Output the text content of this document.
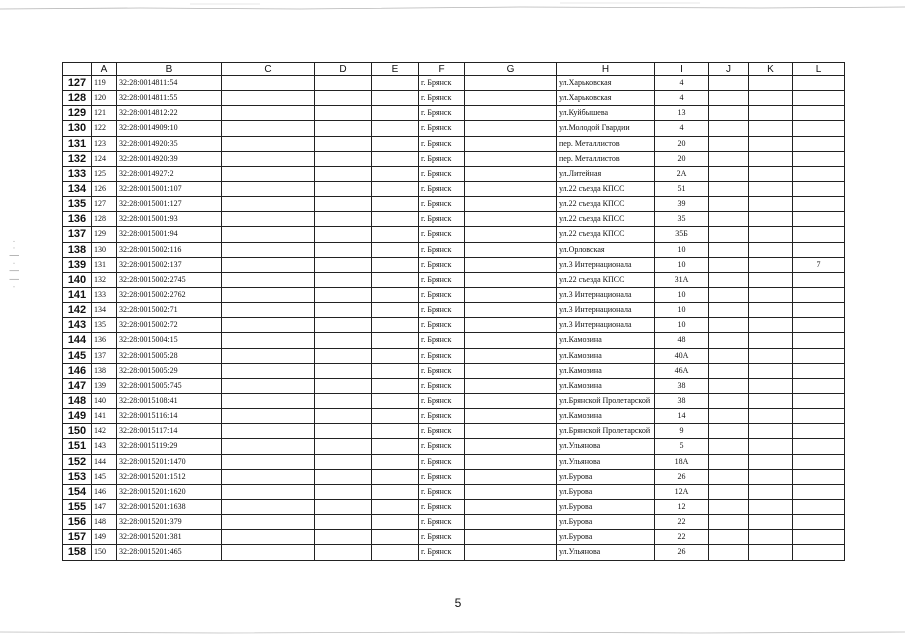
· · ׀ ׀ · ׀ ·
	A	B	C	D	E	F	G	H	I	J	K	L
127	119	32:28:0014811:54				г. Брянск		ул.Харьковская	4			
128	120	32:28:0014811:55				г. Брянск		ул.Харьковская	4			
129	121	32:28:0014812:22				г. Брянск		ул.Куйбышева	13			
130	122	32:28:0014909:10				г. Брянск		ул.Молодой Гвардии	4			
131	123	32:28:0014920:35				г. Брянск		пер. Металлистов	20			
132	124	32:28:0014920:39				г. Брянск		пер. Металлистов	20			
133	125	32:28:0014927:2				г. Брянск		ул.Литейная	2А			
134	126	32:28:0015001:107				г. Брянск		ул.22 съезда КПСС	51			
135	127	32:28:0015001:127				г. Брянск		ул.22 съезда КПСС	39			
136	128	32:28:0015001:93				г. Брянск		ул.22 съезда КПСС	35			
137	129	32:28:0015001:94				г. Брянск		ул.22 съезда КПСС	35Б			
138	130	32:28:0015002:116				г. Брянск		ул.Орловская	10			
139	131	32:28:0015002:137				г. Брянск		ул.3 Интернационала	10			7
140	132	32:28:0015002:2745				г. Брянск		ул.22 съезда КПСС	31А			
141	133	32:28:0015002:2762				г. Брянск		ул.3 Интернационала	10			
142	134	32:28:0015002:71				г. Брянск		ул.3 Интернационала	10			
143	135	32:28:0015002:72				г. Брянск		ул.3 Интернационала	10			
144	136	32:28:0015004:15				г. Брянск		ул.Камозина	48			
145	137	32:28:0015005:28				г. Брянск		ул.Камозина	40А			
146	138	32:28:0015005:29				г. Брянск		ул.Камозина	46А			
147	139	32:28:0015005:745				г. Брянск		ул.Камозина	38			
148	140	32:28:0015108:41				г. Брянск		ул.Брянской Пролетарской	38			
149	141	32:28:0015116:14				г. Брянск		ул.Камозина	14			
150	142	32:28:0015117:14				г. Брянск		ул.Брянской Пролетарской	9			
151	143	32:28:0015119:29				г. Брянск		ул.Ульянова	5			
152	144	32:28:0015201:1470				г. Брянск		ул.Ульянова	18А			
153	145	32:28:0015201:1512				г. Брянск		ул.Бурова	26			
154	146	32:28:0015201:1620				г. Брянск		ул.Бурова	12А			
155	147	32:28:0015201:1638				г. Брянск		ул.Бурова	12			
156	148	32:28:0015201:379				г. Брянск		ул.Бурова	22			
157	149	32:28:0015201:381				г. Брянск		ул.Бурова	22			
158	150	32:28:0015201:465				г. Брянск		ул.Ульянова	26			
5
